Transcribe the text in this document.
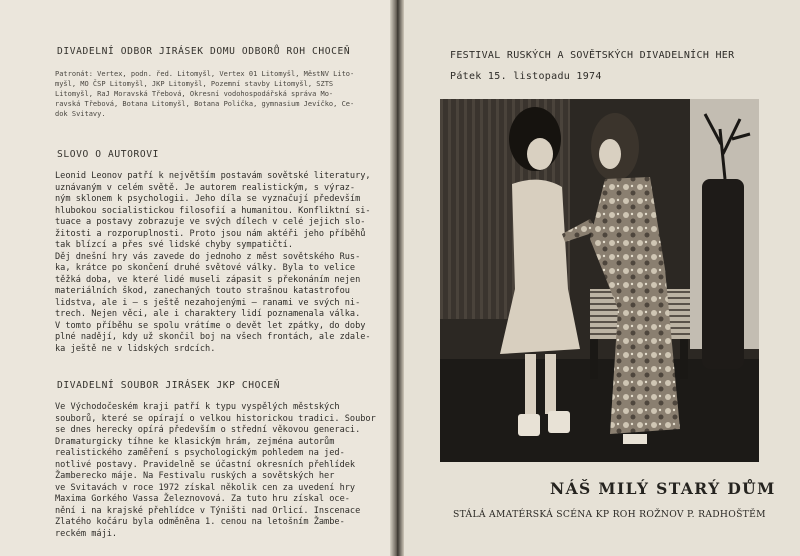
DIVADELNÍ ODBOR JIRÁSEK DOMU ODBORŮ ROH CHOCEŇ

Patronát: Vertex, podn. řed. Litomyšl, Vertex 01 Litomyšl, MěstNV Lito-

myšl, MO ČSP Litomyšl, JKP Litomyšl, Pozemní stavby Litomyšl, SZTS

Litomyšl, RaJ Moravská Třebová, Okresní vodohospodářská správa Mo-

ravská Třebová, Botana Litomyšl, Botana Polička, gymnasium Jevíčko, Ce-

dok Svitavy.

SLOVO O AUTOROVI

Leonid Leonov patří k největším postavám sovětské literatury,

uznávaným v celém světě. Je autorem realistickým, s výraz-

ným sklonem k psychologii. Jeho díla se vyznačují především

hlubokou socialistickou filosofií a humanitou. Konfliktní si-

tuace a postavy zobrazuje ve svých dílech v celé jejich slo-

žitosti a rozporuplnosti. Proto jsou nám aktéři jeho příběhů

tak blízcí a přes své lidské chyby sympatičtí.

Děj dnešní hry vás zavede do jednoho z měst sovětského Rus-

ka, krátce po skončení druhé světové války. Byla to velice

těžká doba, ve které lidé museli zápasit s překonáním nejen

materiálních škod, zanechaných touto strašnou katastrofou

lidstva, ale i — s ještě nezahojenými — ranami ve svých ni-

trech. Nejen věci, ale i charaktery lidí poznamenala válka.

V tomto příběhu se spolu vrátíme o devět let zpátky, do doby

plné nadějí, kdy už skončil boj na všech frontách, ale zdale-

ka ještě ne v lidských srdcích.

DIVADELNÍ SOUBOR JIRÁSEK JKP CHOCEŇ

Ve Východočeském kraji patří k typu vyspělých městských

souborů, které se opírají o velkou historickou tradici. Soubor

se dnes herecky opírá především o střední věkovou generaci.

Dramaturgicky tíhne ke klasickým hrám, zejména autorům

realistického zaměření s psychologickým pohledem na jed-

notlivé postavy. Pravidelně se účastní okresních přehlídek

Žamberecko máje. Na Festivalu ruských a sovětských her

ve Svitavách v roce 1972 získal několik cen za uvedení hry

Maxima Gorkého Vassa Železnovová. Za tuto hru získal oce-

nění i na krajské přehlídce v Týništi nad Orlicí. Inscenace

Zlatého kočáru byla odměněna 1. cenou na letošním Žambe-

reckém máji.

FESTIVAL RUSKÝCH A SOVĚTSKÝCH DIVADELNÍCH HER

Pátek 15. listopadu 1974

NÁŠ MILÝ STARÝ DŮM

STÁLÁ AMATÉRSKÁ SCÉNA KP ROH ROŽNOV P. RADHOŠTĚM
